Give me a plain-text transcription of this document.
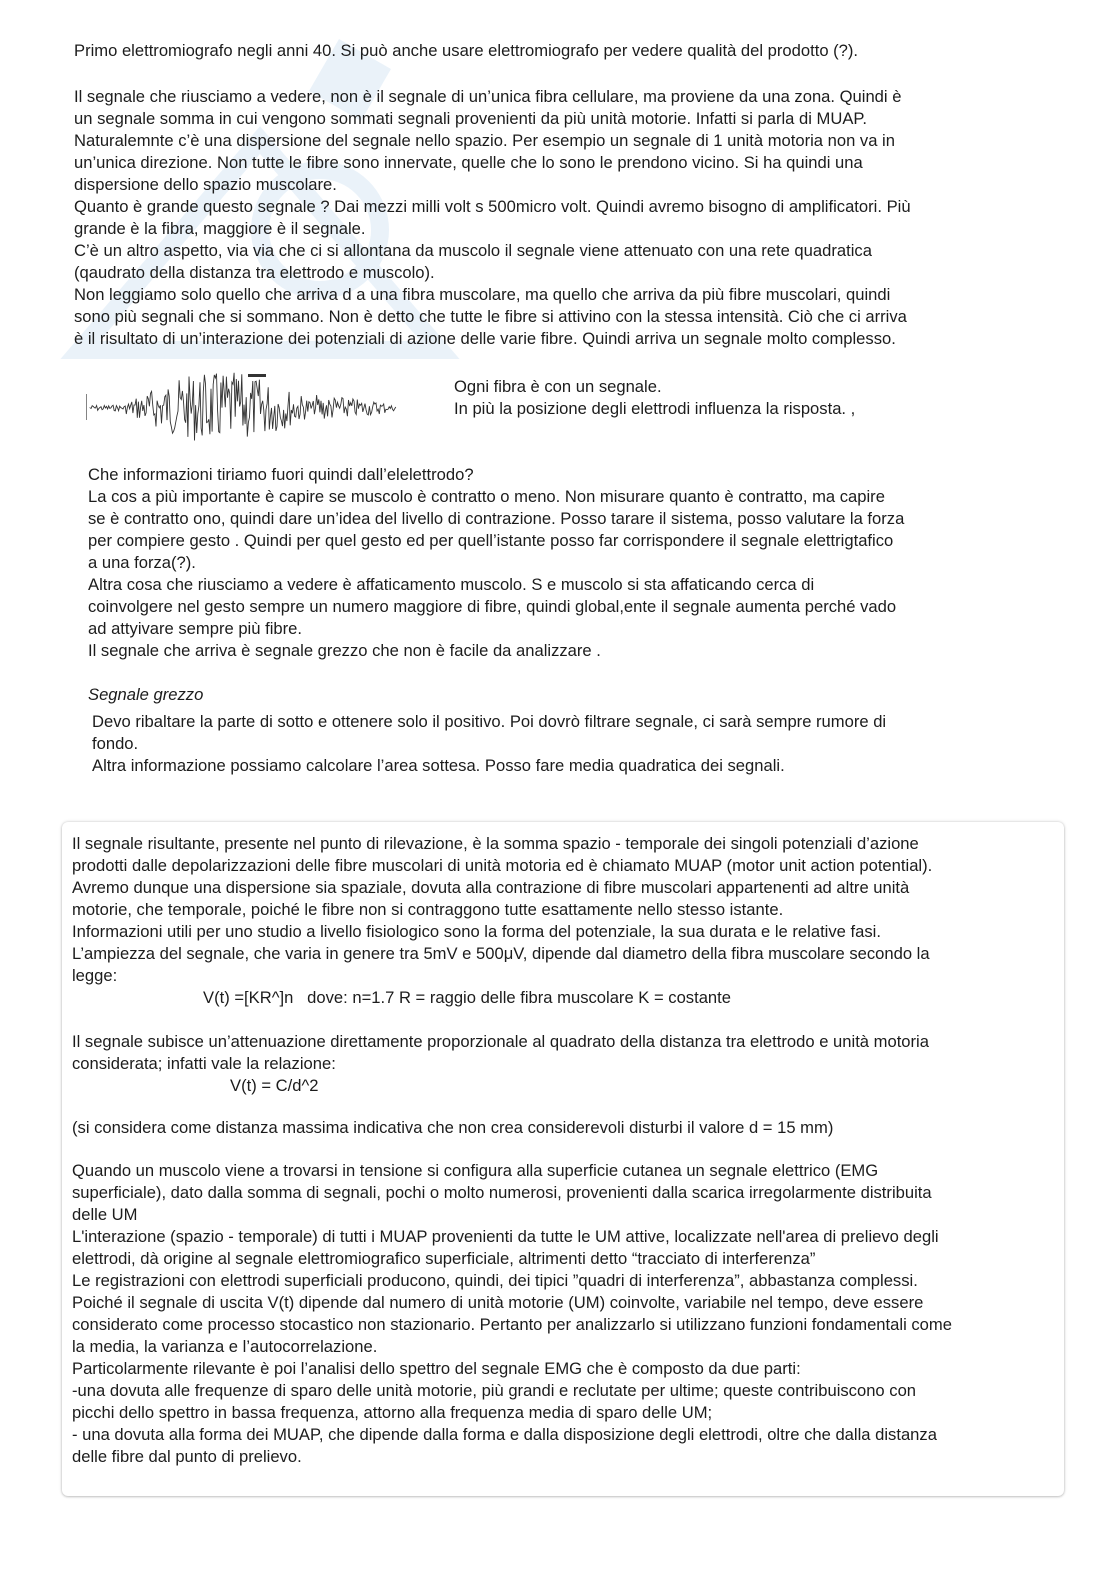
Primo elettromiografo negli anni 40. Si può anche usare elettromiografo per vedere qualità del prodotto (?).

Il segnale che riusciamo a vedere, non è il segnale di un’unica fibra cellulare, ma proviene da una zona. Quindi è

un segnale somma in cui vengono sommati segnali provenienti da più unità motorie. Infatti si parla di MUAP.

Naturalemnte c’è una dispersione del segnale nello spazio. Per esempio un segnale di 1 unità motoria non va in

un’unica direzione. Non tutte le fibre sono innervate, quelle che lo sono le prendono vicino. Si ha quindi una

dispersione dello spazio muscolare.

Quanto è grande questo segnale ? Dai mezzi milli volt s 500micro volt. Quindi avremo bisogno di amplificatori. Più

grande è la fibra, maggiore è il segnale.

C’è un altro aspetto, via via che ci si allontana da muscolo il segnale viene attenuato con una rete quadratica

(qaudrato della distanza tra elettrodo e muscolo).

Non leggiamo solo quello che arriva d a una fibra muscolare, ma quello che arriva da più fibre muscolari, quindi

sono più segnali che si sommano. Non è detto che tutte le fibre si attivino con la stessa intensità. Ciò che ci arriva

è il risultato di un’interazione dei potenziali di azione delle varie fibre. Quindi arriva un segnale molto complesso.

Ogni fibra è con un segnale.

In più la posizione degli elettrodi influenza la risposta. ,

Che informazioni tiriamo fuori quindi dall’elelettrodo?

La cos a più importante è capire se muscolo è contratto o meno. Non misurare quanto è contratto, ma capire

se è contratto ono, quindi dare un’idea del livello di contrazione. Posso tarare il sistema, posso valutare la forza

per compiere gesto . Quindi per quel gesto ed per quell’istante posso far corrispondere il segnale elettrigtafico

a una forza(?).

Altra cosa che riusciamo a vedere è affaticamento muscolo. S e muscolo si sta affaticando cerca di

coinvolgere nel gesto sempre un numero maggiore di fibre, quindi global,ente il segnale aumenta perché vado

ad attyivare sempre più fibre.

Il segnale che arriva è segnale grezzo che non è facile da analizzare .

Segnale grezzo

Devo ribaltare la parte di sotto e ottenere solo il positivo. Poi dovrò filtrare segnale, ci sarà sempre rumore di

fondo.

Altra informazione possiamo calcolare l’area sottesa. Posso fare media quadratica dei segnali.

Il segnale risultante, presente nel punto di rilevazione, è la somma spazio - temporale dei singoli potenziali d’azione

prodotti dalle depolarizzazioni delle fibre muscolari di unità motoria ed è chiamato MUAP (motor unit action potential).

Avremo dunque una dispersione sia spaziale, dovuta alla contrazione di fibre muscolari appartenenti ad altre unità

motorie, che temporale, poiché le fibre non si contraggono tutte esattamente nello stesso istante.

Informazioni utili per uno studio a livello fisiologico sono la forma del potenziale, la sua durata e le relative fasi.

L’ampiezza del segnale, che varia in genere tra 5mV e 500μV, dipende dal diametro della fibra muscolare secondo la

legge:

V(t) =[KR^]n   dove: n=1.7 R = raggio delle fibra muscolare K = costante

Il segnale subisce un’attenuazione direttamente proporzionale al quadrato della distanza tra elettrodo e unità motoria

considerata; infatti vale la relazione:

V(t) = C/d^2

(si considera come distanza massima indicativa che non crea considerevoli disturbi il valore d = 15 mm)

Quando un muscolo viene a trovarsi in tensione si configura alla superficie cutanea un segnale elettrico (EMG

superficiale), dato dalla somma di segnali, pochi o molto numerosi, provenienti dalla scarica irregolarmente distribuita

delle UM

L'interazione (spazio - temporale) di tutti i MUAP provenienti da tutte le UM attive, localizzate nell'area di prelievo degli

elettrodi, dà origine al segnale elettromiografico superficiale, altrimenti detto “tracciato di interferenza”

Le registrazioni con elettrodi superficiali producono, quindi, dei tipici ”quadri di interferenza”, abbastanza complessi.

Poiché il segnale di uscita V(t) dipende dal numero di unità motorie (UM) coinvolte, variabile nel tempo, deve essere

considerato come processo stocastico non stazionario. Pertanto per analizzarlo si utilizzano funzioni fondamentali come

la media, la varianza e l’autocorrelazione.

Particolarmente rilevante è poi l’analisi dello spettro del segnale EMG che è composto da due parti:

-una dovuta alle frequenze di sparo delle unità motorie, più grandi e reclutate per ultime; queste contribuiscono con

picchi dello spettro in bassa frequenza, attorno alla frequenza media di sparo delle UM;

- una dovuta alla forma dei MUAP, che dipende dalla forma e dalla disposizione degli elettrodi, oltre che dalla distanza

delle fibre dal punto di prelievo.
